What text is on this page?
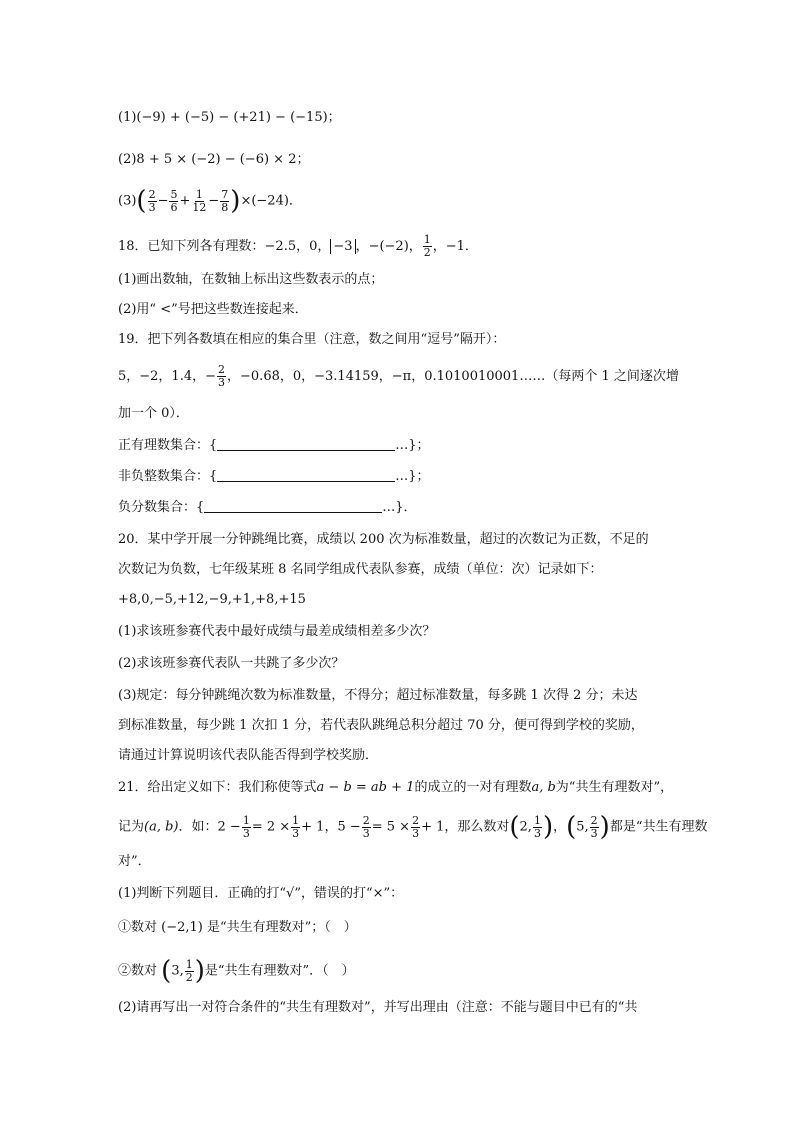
(1)(−9) + (−5) − (+21) − (−15)；
(2)8 + 5 × (−2) − (−6) × 2；
$(3)( \frac{2}{3} - \frac{5}{6} + \frac{1}{12} - \frac{7}{8} )\times(-24)$．
18．已知下列各有理数：−2.5，0， −3 ，−(−2)， $\frac{1}{2}$ ，−1．
(1)画出数轴，在数轴上标出这些数表示的点；
(2)用“ <”号把这些数连接起来．
19．把下列各数填在相应的集合里（注意，数之间用“逗号”隔开）：
5，−2，1.4，− $\frac{2}{3}$ ，−0.6̇8̇，0，−3.14159，−π，0.1010010001……（每两个 1 之间逐次增
加一个 0）．
正有理数集合：{	…}；
非负整数集合：{	…}；
负分数集合：{	…}．
20．某中学开展一分钟跳绳比赛，成绩以 200 次为标准数量，超过的次数记为正数，不足的
次数记为负数，七年级某班 8 名同学组成代表队参赛，成绩（单位：次）记录如下：
+8,0,−5,+12,−9,+1,+8,+15
(1)求该班参赛代表中最好成绩与最差成绩相差多少次？
(2)求该班参赛代表队一共跳了多少次？
(3)规定：每分钟跳绳次数为标准数量，不得分；超过标准数量，每多跳 1 次得 2 分；未达
到标准数量，每少跳 1 次扣 1 分，若代表队跳绳总积分超过 70 分，便可得到学校的奖励，
请通过计算说明该代表队能否得到学校奖励．
21．给出定义如下：我们称使等式a − b = ab + 1的成立的一对有理数a, b为“共生有理数对”，
记为(a, b)．如：$2 - \frac{1}{3} = 2 \times \frac{1}{3} + 1$，$5 - \frac{2}{3} = 5 \times \frac{2}{3} + 1$，那么数对(2, $\frac{1}{3}$ )，(5, $\frac{2}{3}$ )都是“共生有理数
对”．
(1)判断下列题目．正确的打“√”，错误的打“×”：
①数对 (−2,1) 是“共生有理数对”；（　）
②数对 (3, $\frac{1}{2}$ )是“共生有理数对”．（　）
(2)请再写出一对符合条件的“共生有理数对”，并写出理由（注意：不能与题目中已有的“共
